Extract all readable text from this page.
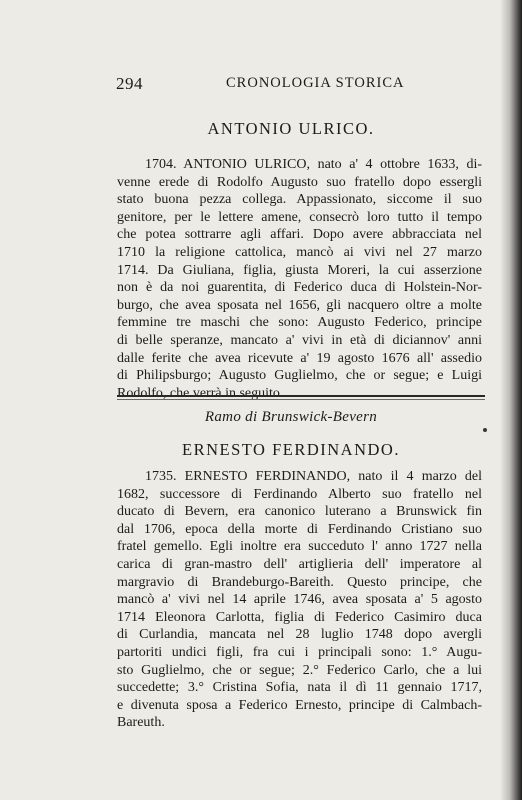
294	CRONOLOGIA STORICA
ANTONIO ULRICO.
1704. ANTONIO ULRICO, nato a' 4 ottobre 1633, di-
venne erede di Rodolfo Augusto suo fratello dopo essergli
stato buona pezza collega. Appassionato, siccome il suo
genitore, per le lettere amene, consecrò loro tutto il tempo
che potea sottrarre agli affari. Dopo avere abbracciata nel
1710 la religione cattolica, mancò ai vivi nel 27 marzo
1714. Da Giuliana, figlia, giusta Moreri, la cui asserzione
non è da noi guarentita, di Federico duca di Holstein-Nor-
burgo, che avea sposata nel 1656, gli nacquero oltre a molte
femmine tre maschi che sono: Augusto Federico, principe
di belle speranze, mancato a' vivi in età di diciannov' anni
dalle ferite che avea ricevute a' 19 agosto 1676 all' assedio
di Philipsburgo; Augusto Guglielmo, che or segue; e Luigi
Rodolfo, che verrà in seguito.
Ramo di Brunswick-Bevern
ERNESTO FERDINANDO.
1735. ERNESTO FERDINANDO, nato il 4 marzo del
1682, successore di Ferdinando Alberto suo fratello nel
ducato di Bevern, era canonico luterano a Brunswick fin
dal 1706, epoca della morte di Ferdinando Cristiano suo
fratel gemello. Egli inoltre era succeduto l' anno 1727 nella
carica di gran-mastro dell' artiglieria dell' imperatore al
margravio di Brandeburgo-Bareith. Questo principe, che
mancò a' vivi nel 14 aprile 1746, avea sposata a' 5 agosto
1714 Eleonora Carlotta, figlia di Federico Casimiro duca
di Curlandia, mancata nel 28 luglio 1748 dopo avergli
partoriti undici figli, fra cui i principali sono: 1.° Augu-
sto Guglielmo, che or segue; 2.° Federico Carlo, che a lui
succedette; 3.° Cristina Sofia, nata il dì 11 gennaio 1717,
e divenuta sposa a Federico Ernesto, principe di Calmbach-
Bareuth.
